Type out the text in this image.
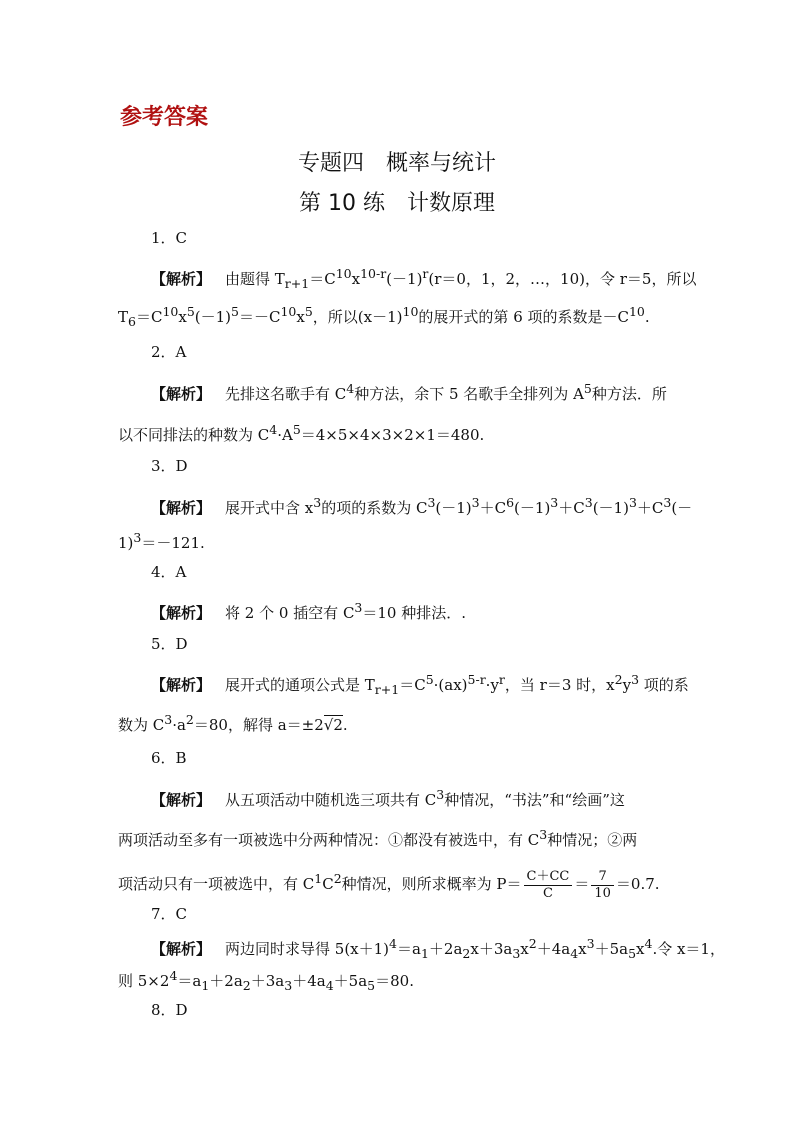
参考答案
专题四　概率与统计
第 10 练　计数原理
1．C
【解析】 由题得 $T_{r+1}=C^{10}x^{10-r}(-1)^r(r=0$，1，2，…，10)，令 r＝5，所以
$T_6=C^{10}x^5(-1)^5=-C^{10}x^5$，所以$(x-1)^{10}$的展开式的第 6 项的系数是$-C^{10}$.
2．A
【解析】 先排这名歌手有 $C^4$种方法，余下 5 名歌手全排列为 $A^5$种方法．所
以不同排法的种数为 $C^4\cdot A^5=4\times 5\times 4\times 3\times 2\times 1=480$.
3．D
【解析】 展开式中含 $x^3$的项的系数为 $C^3(-1)^3+C^6(-1)^3+C^3(-1)^3+C^3(-$
1)$^3$＝－121.
4．A
【解析】 将 2 个 0 插空有 $C^3=10$ 种排法．.
5．D
【解析】 展开式的通项公式是 $T_{r+1}=C^5\cdot(ax)^{5-r}\cdot y^r$，当 r＝3 时，$x^2y^3$ 项的系
数为 $C^3\cdot a^2=80$，解得 a＝±2√2.
6．B
【解析】 从五项活动中随机选三项共有 $C^3$种情况，“书法”和“绘画”这
两项活动至多有一项被选中分两种情况：①都没有被选中，有 $C^3$种情况；②两
项活动只有一项被选中，有 $C^1C^2$种情况，则所求概率为 $P= \frac{C+CC}{C} = \frac{7}{10} =0.7$.
7．C
【解析】 两边同时求导得 $5(x+1)^4=a_1+2a_2x+3a_3x^2+4a_4x^3+5a_5x^4$.令 x＝1，
则 $5\times 2^4=a_1+2a_2+3a_3+4a_4+5a_5=80$.
8．D
